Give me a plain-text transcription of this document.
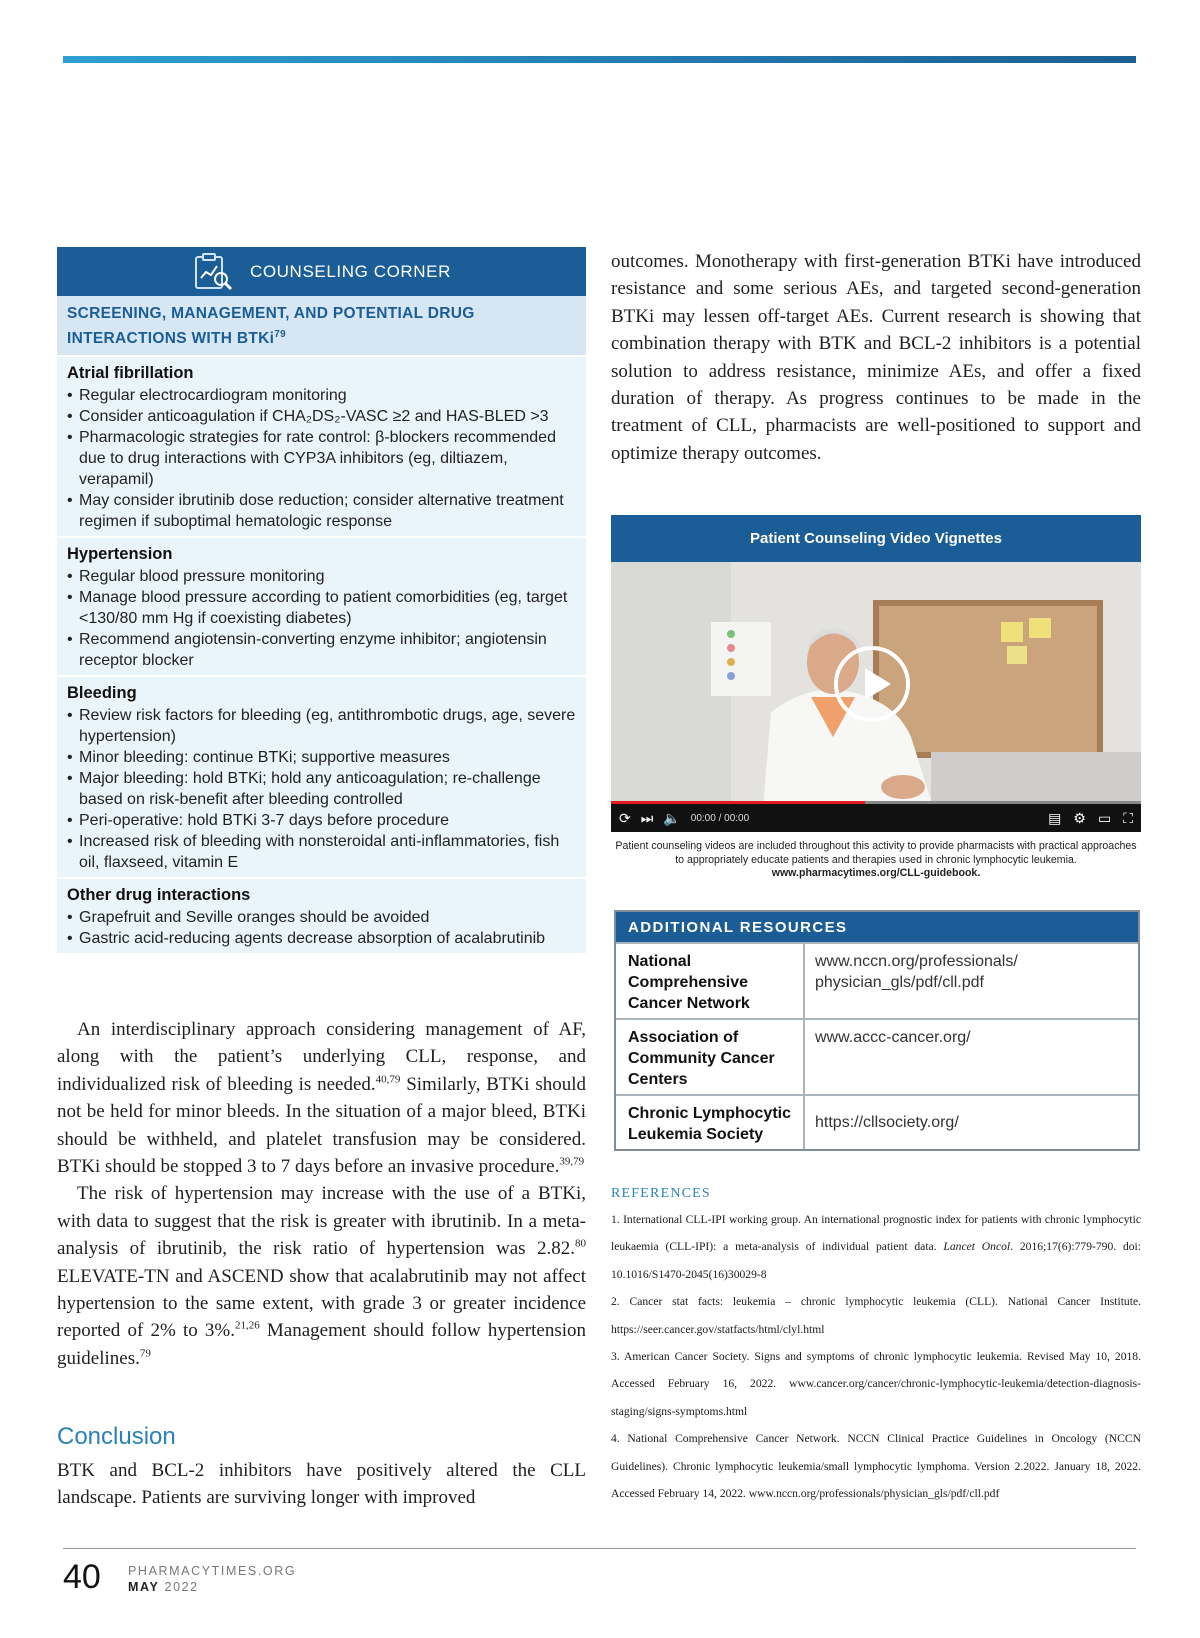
COUNSELING CORNER
SCREENING, MANAGEMENT, AND POTENTIAL DRUG INTERACTIONS WITH BTKi$^{79}$
Atrial fibrillation
• Regular electrocardiogram monitoring
• Consider anticoagulation if CHA₂DS₂-VASC ≥2 and HAS-BLED >3
• Pharmacologic strategies for rate control: β-blockers recommended due to drug interactions with CYP3A inhibitors (eg, diltiazem, verapamil)
• May consider ibrutinib dose reduction; consider alternative treatment regimen if suboptimal hematologic response
Hypertension
• Regular blood pressure monitoring
• Manage blood pressure according to patient comorbidities (eg, target <130/80 mm Hg if coexisting diabetes)
• Recommend angiotensin-converting enzyme inhibitor; angiotensin receptor blocker
Bleeding
• Review risk factors for bleeding (eg, antithrombotic drugs, age, severe hypertension)
• Minor bleeding: continue BTKi; supportive measures
• Major bleeding: hold BTKi; hold any anticoagulation; re-challenge based on risk-benefit after bleeding controlled
• Peri-operative: hold BTKi 3-7 days before procedure
• Increased risk of bleeding with nonsteroidal anti-inflammatories, fish oil, flaxseed, vitamin E
Other drug interactions
• Grapefruit and Seville oranges should be avoided
• Gastric acid-reducing agents decrease absorption of acalabrutinib

An interdisciplinary approach considering management of AF, along with the patient’s underlying CLL, response, and individualized risk of bleeding is needed.$^{40,79}$ Similarly, BTKi should not be held for minor bleeds. In the situation of a major bleed, BTKi should be withheld, and platelet transfusion may be considered. BTKi should be stopped 3 to 7 days before an invasive procedure.$^{39,79}$

The risk of hypertension may increase with the use of a BTKi, with data to suggest that the risk is greater with ibrutinib. In a meta-analysis of ibrutinib, the risk ratio of hypertension was 2.82.80 ELEVATE-TN and ASCEND show that acalabrutinib may not affect hypertension to the same extent, with grade 3 or greater incidence reported of 2% to 3%.$^{21,26}$ Management should follow hypertension guidelines.$^{79}$

Conclusion

BTK and BCL-2 inhibitors have positively altered the CLL landscape. Patients are surviving longer with improved

outcomes. Monotherapy with first-generation BTKi have introduced resistance and some serious AEs, and targeted second-generation BTKi may lessen off-target AEs. Current research is showing that combination therapy with BTK and BCL-2 inhibitors is a potential solution to address resistance, minimize AEs, and offer a fixed duration of therapy. As progress continues to be made in the treatment of CLL, pharmacists are well-positioned to support and optimize therapy outcomes.

Patient Counseling Video Vignettes
⟳ ⏭ 🔈 00:00 / 00:00	▤ ⚙ ▭ ⛶
Patient counseling videos are included throughout this activity to provide pharmacists with practical approaches to appropriately educate patients and therapies used in chronic lymphocytic leukemia.
www.pharmacytimes.org/CLL-guidebook.
ADDITIONAL RESOURCES
National Comprehensive Cancer Network	www.nccn.org/professionals/ physician_gls/pdf/cll.pdf
Association of Community Cancer Centers	www.accc-cancer.org/
Chronic Lymphocytic Leukemia Society	https://cllsociety.org/
REFERENCES

1. International CLL-IPI working group. An international prognostic index for patients with chronic lymphocytic leukaemia (CLL-IPI): a meta-analysis of individual patient data. Lancet Oncol. 2016;17(6):779-790. doi: 10.1016/S1470-2045(16)30029-8

2. Cancer stat facts: leukemia – chronic lymphocytic leukemia (CLL). National Cancer Institute. https://seer.cancer.gov/statfacts/html/clyl.html

3. American Cancer Society. Signs and symptoms of chronic lymphocytic leukemia. Revised May 10, 2018. Accessed February 16, 2022. www.cancer.org/cancer/chronic-lymphocytic-leukemia/detection-diagnosis-staging/signs-symptoms.html

4. National Comprehensive Cancer Network. NCCN Clinical Practice Guidelines in Oncology (NCCN Guidelines). Chronic lymphocytic leukemia/small lymphocytic lymphoma. Version 2.2022. January 18, 2022. Accessed February 14, 2022. www.nccn.org/professionals/physician_gls/pdf/cll.pdf

40 PHARMACYTIMES.ORG
MAY 2022
